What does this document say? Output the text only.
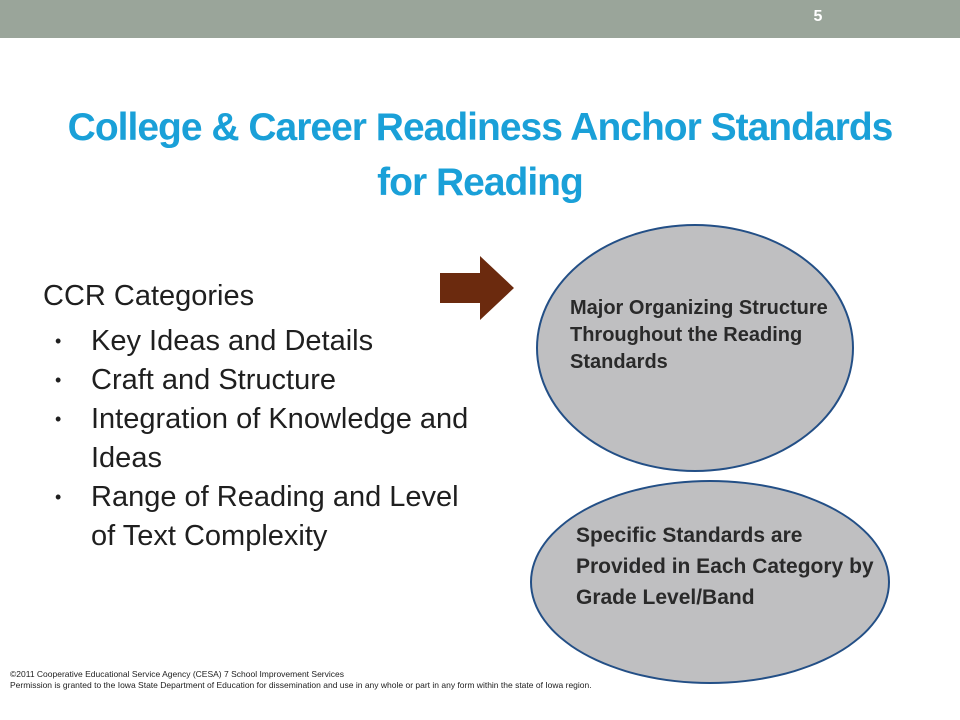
5
College & Career Readiness Anchor Standards for Reading
CCR Categories
• Key Ideas and Details
• Craft and Structure
• Integration of Knowledge and Ideas
• Range of Reading and Level of Text Complexity
Major Organizing Structure Throughout the Reading Standards
Specific Standards are Provided in Each Category by Grade Level/Band
©2011 Cooperative Educational Service Agency (CESA) 7 School Improvement Services
Permission is granted to the Iowa State Department of Education for dissemination and use in any whole or part in any form within the state of Iowa region.
